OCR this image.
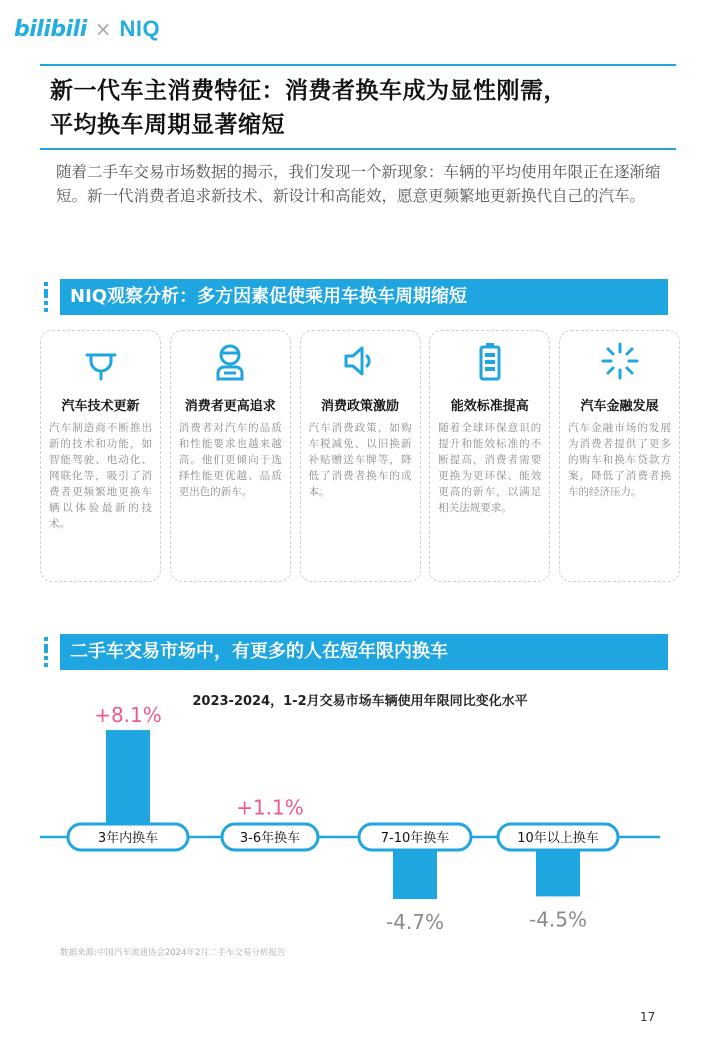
bilibili × NIQ
新一代车主消费特征：消费者换车成为显性刚需，
平均换车周期显著缩短
随着二手车交易市场数据的揭示，我们发现一个新现象：车辆的平均使用年限正在逐渐缩短。新一代消费者追求新技术、新设计和高能效，愿意更频繁地更新换代自己的汽车。
NIQ观察分析：多方因素促使乘用车换车周期缩短
汽车技术更新
汽车制造商不断推出新的技术和功能，如智能驾驶、电动化、网联化等，吸引了消费者更频繁地更换车辆以体验最新的技术。
消费者更高追求
消费者对汽车的品质和性能要求也越来越高。他们更倾向于选择性能更优越、品质更出色的新车。
消费政策激励
汽车消费政策，如购车税减免、以旧换新补贴赠送车牌等，降低了消费者换车的成本。
能效标准提高
随着全球环保意识的提升和能效标准的不断提高，消费者需要更换为更环保、能效更高的新车，以满足相关法规要求。
汽车金融发展
汽车金融市场的发展为消费者提供了更多的购车和换车贷款方案，降低了消费者换车的经济压力。
二手车交易市场中，有更多的人在短年限内换车
2023-2024，1-2月交易市场车辆使用年限同比变化水平
+8.1%
3年内换车
+1.1%
3-6年换车
-4.7%
7-10年换车
-4.5%
10年以上换车
数据来源:中国汽车流通协会2024年2月二手车交易分析报告
17
